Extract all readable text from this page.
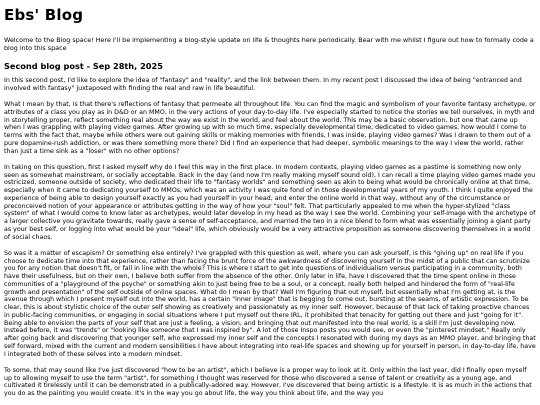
Ebs' Blog
Welcome to the Blog space! Here I'll be implementing a blog-style update on life & thoughts here periodically. Bear with me whilst I figure out how to formally code a blog into this space
Second blog post - Sep 28th, 2025

In this second post, I'd like to explore the idea of "fantasy" and "reality", and the link between them. In my recent post I discussed the idea of being "entranced and involved with fantasy" juxtaposed with finding the real and raw in life beautiful.

What I mean by that, is that there's reflections of fantasy that permeate all throughout life. You can find the magic and symbolism of your favorite fantasy archetype, or attributes of a class you play as in D&D or an MMO, in the very actions of your day-to-day life. I've especially started to notice the stories we tell ourselves, in myth and in storytelling proper, reflect something real about the way we exist in the world, and feel about the world. This may be a basic observation, but one that came up when I was grappling with playing video games. After growing up with so much time, especially developmental time, dedicated to video games, how would I come to terms with the fact that, maybe while others were out gaining skills or making memories with friends, I was inside, playing video games? Was I drawn to them out of a pure dopamine-rush addiction, or was there something more there? Did I find an experience that had deeper, symbolic meanings to the way I view the world, rather than just a time sink as a "loser" with no other options?

In taking on this question, first I asked myself why do I feel this way in the first place. In modern contexts, playing video games as a pastime is something now only seen as somewhat mainstream, or socially acceptable. Back in the day (and now I'm really making myself sound old), I can recall a time playing video games made you ostricized, someone outside of society, who dedicated their life to "fantasy worlds" and something seen as akin to being what would be chronically online at that time, especially when it came to dedicating yourself to MMOs, which was an activity I was quite fond of in those developmental years of my youth. I think I quite enjoyed the experience of being able to design yourself exactly as you had yourself in your head, and enter the online world in that way, without any of the circumstance or preconceived notion of your appearance or attributes getting in the way of how your "soul" felt. That particularly appealed to me when the hyper-stylized "class system" of what I would come to know later as archetypes, would later develop in my head as the way I see the world. Combining your self-image with the archetype of a larger collective you gravitate towards, really gave a sense of self-acceptance, and married the two in a nice blend to form what was essentially joining a giant party as your best self, or logging into what would be your "ideal" life, which obviously would be a very attractive proposition as someone discovering themselves in a world of social chaos.

So was it a matter of escapism? Or something else entirely? I've grappled with this question as well, where you can ask yourself, is this "giving up" on real life if you choose to dedicate time into that experience, rather than facing the brunt force of the awkwardness of discovering yourself in the midst of a public that can scrutinize you for any notion that doesn't fit, or fall in line with the whole? This is where I start to get into questions of individualism versus participating in a community, both have their usefulness, but on their own, I believe both suffer from the absence of the other. Only later in life, have I discovered that the time spent online in those communities of a "playground of the psyche" or something akin to just being free to be a soul, or a concept, really both helped and hindered the form of "real-life growth and presentation" of the self outside of online spaces. What do I mean by that? Well I'm figuring that out myself, but essentially what I'm getting at, is the avenue through which I present myself out into the world, has a certain "inner image" that is begging to come out, bursting at the seams, of artistic expression. To be clear, this is about stylistic choice of the outer self showing as creatively and passionately as my inner self. However, because of that lack of taking proactive chances in public-facing communities, or engaging in social situations where I put myself out there IRL, it prohibited that tenacity for getting out there and just "going for it". Being able to envision the parts of your self that are just a feeling, a vision, and bringing that out manifested into the real world, is a skill I'm just developing now. Instead before, it was "trends" or "looking like someone that I was inspired by". A lot of those Inspo posts you would see, or even the "pinterest mindset." Really only after going back and discovering that younger self, who expressed my inner self and the concepts I resonated with during my days as an MMO player, and bringing that self forward, mixed with the current and modern sensibilities I have about integrating into real-life spaces and showing up for yourself in person, in day-to-day life, have I integrated both of these selves into a modern mindset.

To some, that may sound like I've just discovered "how to be an artist", which I believe is a proper way to look at it. Only within the last year, did I finally open myself up to allowing myself to use the term "artist", for something I thought was reserved for those who discovered a sense of talent or creativity as a young age, and cultivated it tirelessly until it can be demonstrated in a publically-adored way. However, I've discovered that being artistic is a lifestyle. It is as much in the actions that you do as the painting you would create. It's in the way you go about life, the way you think about life, and the way you
